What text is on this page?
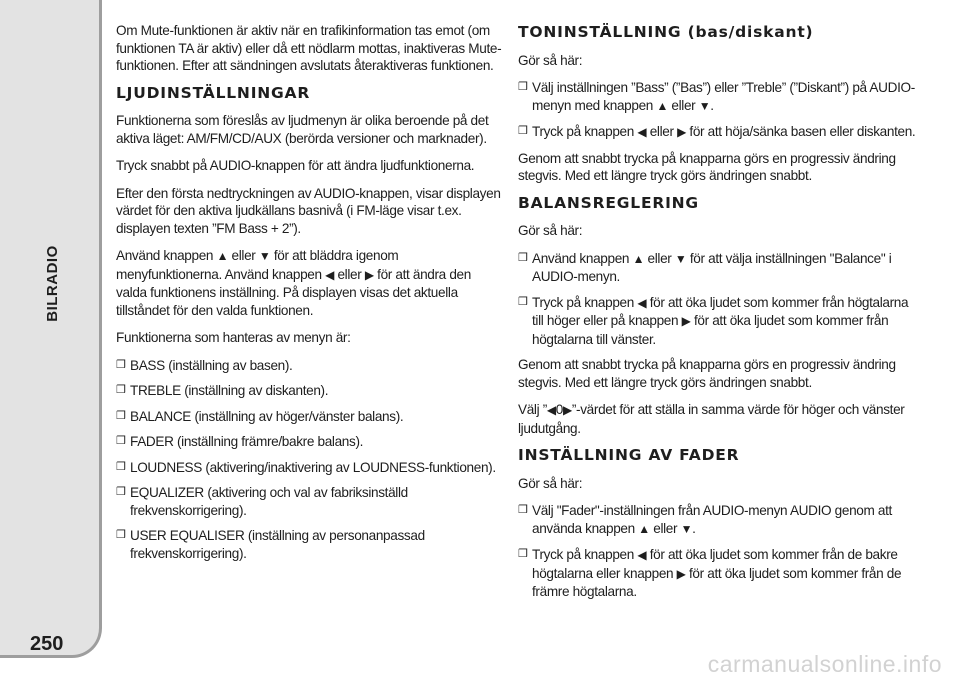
BILRADIO
250

Om Mute-funktionen är aktiv när en trafikinformation tas emot (om funktionen TA är aktiv) eller då ett nödlarm mottas, inaktiveras Mute-funktionen. Efter att sändningen avslutats återaktiveras funktionen.

LJUDINSTÄLLNINGAR

Funktionerna som föreslås av ljudmenyn är olika beroende på det aktiva läget: AM/FM/CD/AUX (berörda versioner och marknader).

Tryck snabbt på AUDIO-knappen för att ändra ljudfunktionerna.

Efter den första nedtryckningen av AUDIO-knappen, visar displayen värdet för den aktiva ljudkällans basnivå (i FM-läge visar t.ex. displayen texten ”FM Bass + 2”).

Använd knappen ▲ eller ▼ för att bläddra igenom menyfunktionerna. Använd knappen ◀ eller ▶ för att ändra den valda funktionens inställning. På displayen visas det aktuella tillståndet för den valda funktionen.

Funktionerna som hanteras av menyn är:

❒ BASS (inställning av basen).
❒ TREBLE (inställning av diskanten).
❒ BALANCE (inställning av höger/vänster balans).
❒ FADER (inställning främre/bakre balans).
❒ LOUDNESS (aktivering/inaktivering av LOUDNESS-funktionen).
❒ EQUALIZER (aktivering och val av fabriksinställd frekvenskorrigering).
❒ USER EQUALISER (inställning av personanpassad frekvenskorrigering).
TONINSTÄLLNING (bas/diskant)

Gör så här:

❒ Välj inställningen ”Bass” (”Bas”) eller ”Treble” (”Diskant”) på AUDIO-menyn med knappen ▲ eller ▼.
❒ Tryck på knappen ◀ eller ▶ för att höja/sänka basen eller diskanten.

Genom att snabbt trycka på knapparna görs en progressiv ändring stegvis. Med ett längre tryck görs ändringen snabbt.

BALANSREGLERING

Gör så här:

❒ Använd knappen ▲ eller ▼ för att välja inställningen "Balance" i AUDIO-menyn.
❒ Tryck på knappen ◀ för att öka ljudet som kommer från högtalarna till höger eller på knappen ▶ för att öka ljudet som kommer från högtalarna till vänster.

Genom att snabbt trycka på knapparna görs en progressiv ändring stegvis. Med ett längre tryck görs ändringen snabbt.

Välj ”◀0▶”-värdet för att ställa in samma värde för höger och vänster ljudutgång.

INSTÄLLNING AV FADER

Gör så här:

❒ Välj "Fader"-inställningen från AUDIO-menyn AUDIO genom att använda knappen ▲ eller ▼.
❒ Tryck på knappen ◀ för att öka ljudet som kommer från de bakre högtalarna eller knappen ▶ för att öka ljudet som kommer från de främre högtalarna.
carmanualsonline.info
